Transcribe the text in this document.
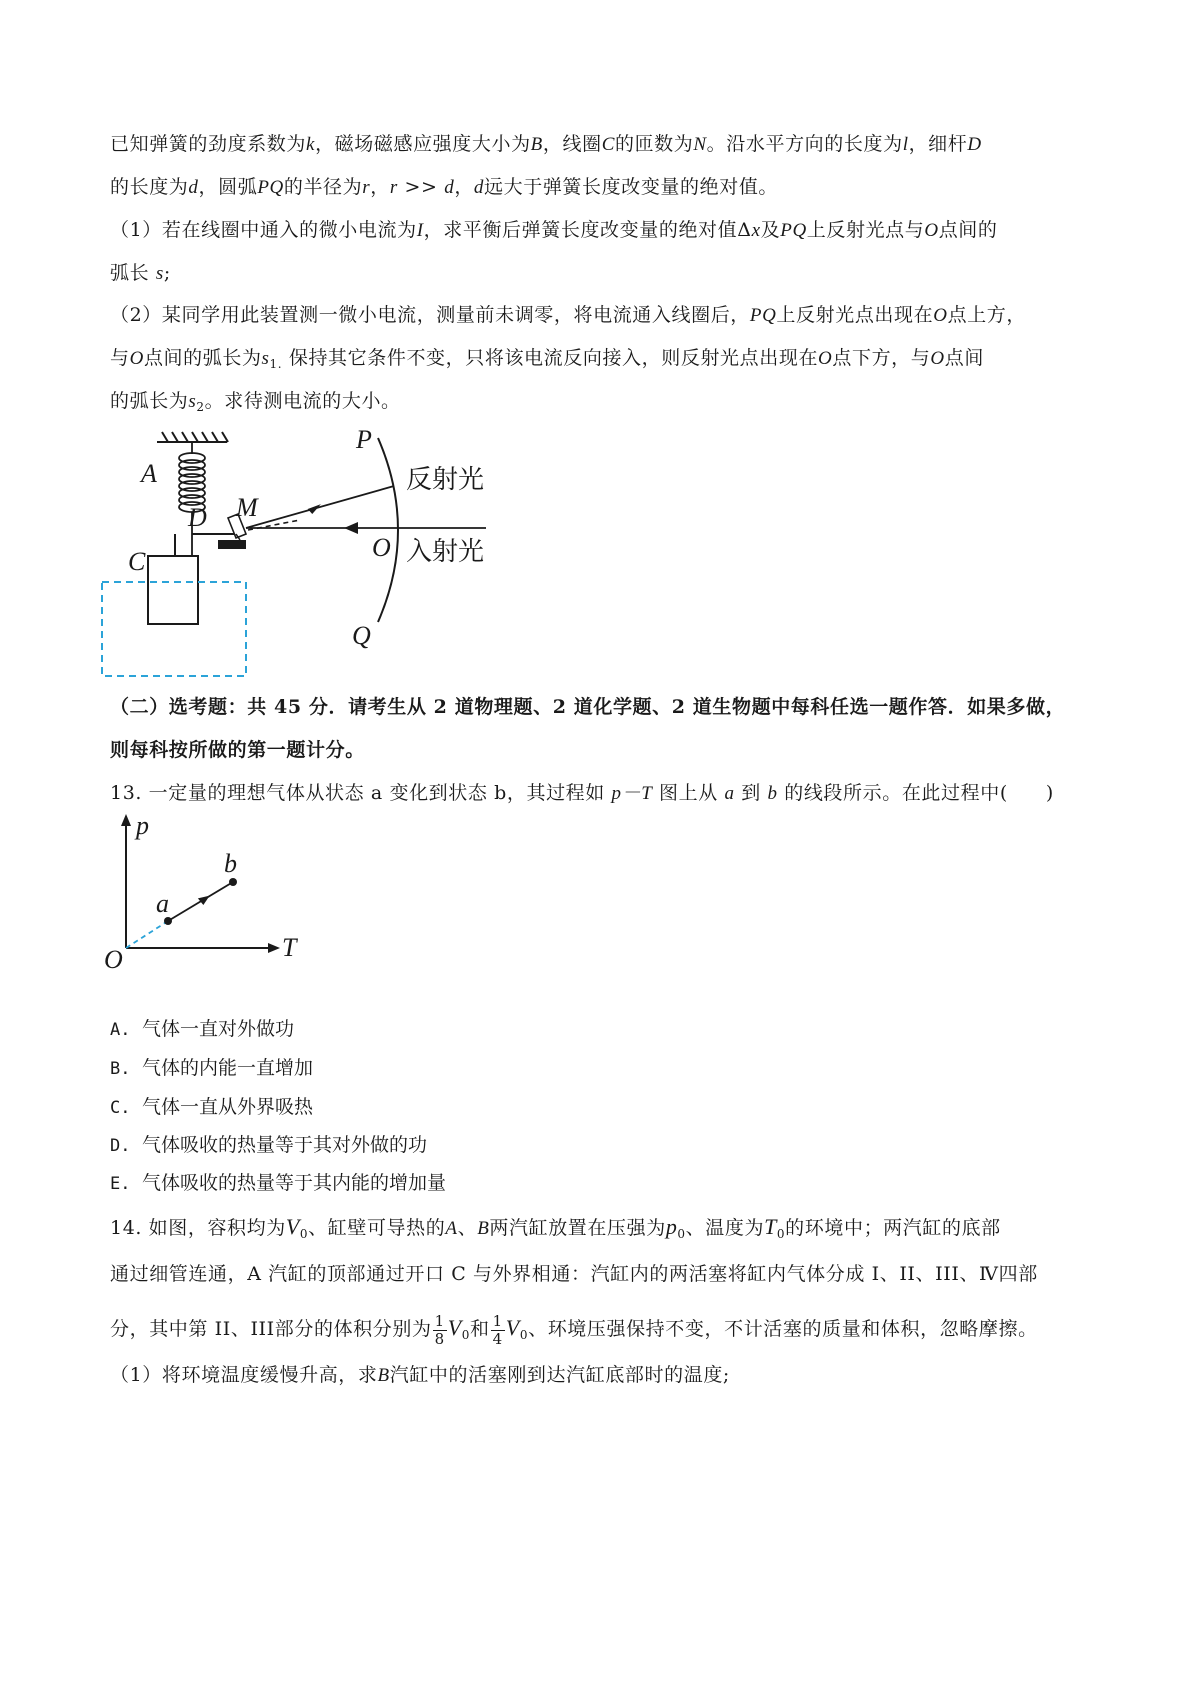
已知弹簧的劲度系数为k，磁场磁感应强度大小为B，线圈C的匝数为N。沿水平方向的长度为l，细杆D
的长度为d，圆弧PQ的半径为r，r >> d，d远大于弹簧长度改变量的绝对值。
（1）若在线圈中通入的微小电流为I，求平衡后弹簧长度改变量的绝对值Δx及PQ上反射光点与O点间的
弧长 s;
（2）某同学用此装置测一微小电流，测量前未调零，将电流通入线圈后，PQ上反射光点出现在O点上方，
与O点间的弧长为$s_{1.}$ 保持其它条件不变，只将该电流反向接入，则反射光点出现在O点下方，与O点间
的弧长为$s_2$。求待测电流的大小。
A
D M
P
Q
O
反射光
入射光
C
（二）选考题：共 45 分．请考生从 2 道物理题、2 道化学题、2 道生物题中每科任选一题作答．如果多做，
则每科按所做的第一题计分。
13. 一定量的理想气体从状态 a 变化到状态 b，其过程如 p－T 图上从 a 到 b 的线段所示。在此过程中( )
p
T
O
a
b
A. 气体一直对外做功
B. 气体的内能一直增加
C. 气体一直从外界吸热
D. 气体吸收的热量等于其对外做的功
E. 气体吸收的热量等于其内能的增加量
14. 如图，容积均为$V_0$、缸壁可导热的A、B两汽缸放置在压强为$p_0$、温度为$T_0$的环境中；两汽缸的底部
通过细管连通，A 汽缸的顶部通过开口 C 与外界相通：汽缸内的两活塞将缸内气体分成 I、II、III、Ⅳ四部
分，其中第 II、III部分的体积分别为 $\frac{1}{8} V_0$和 $\frac{1}{4} V_0$、环境压强保持不变，不计活塞的质量和体积，忽略摩擦。
（1）将环境温度缓慢升高，求B汽缸中的活塞刚到达汽缸底部时的温度;
